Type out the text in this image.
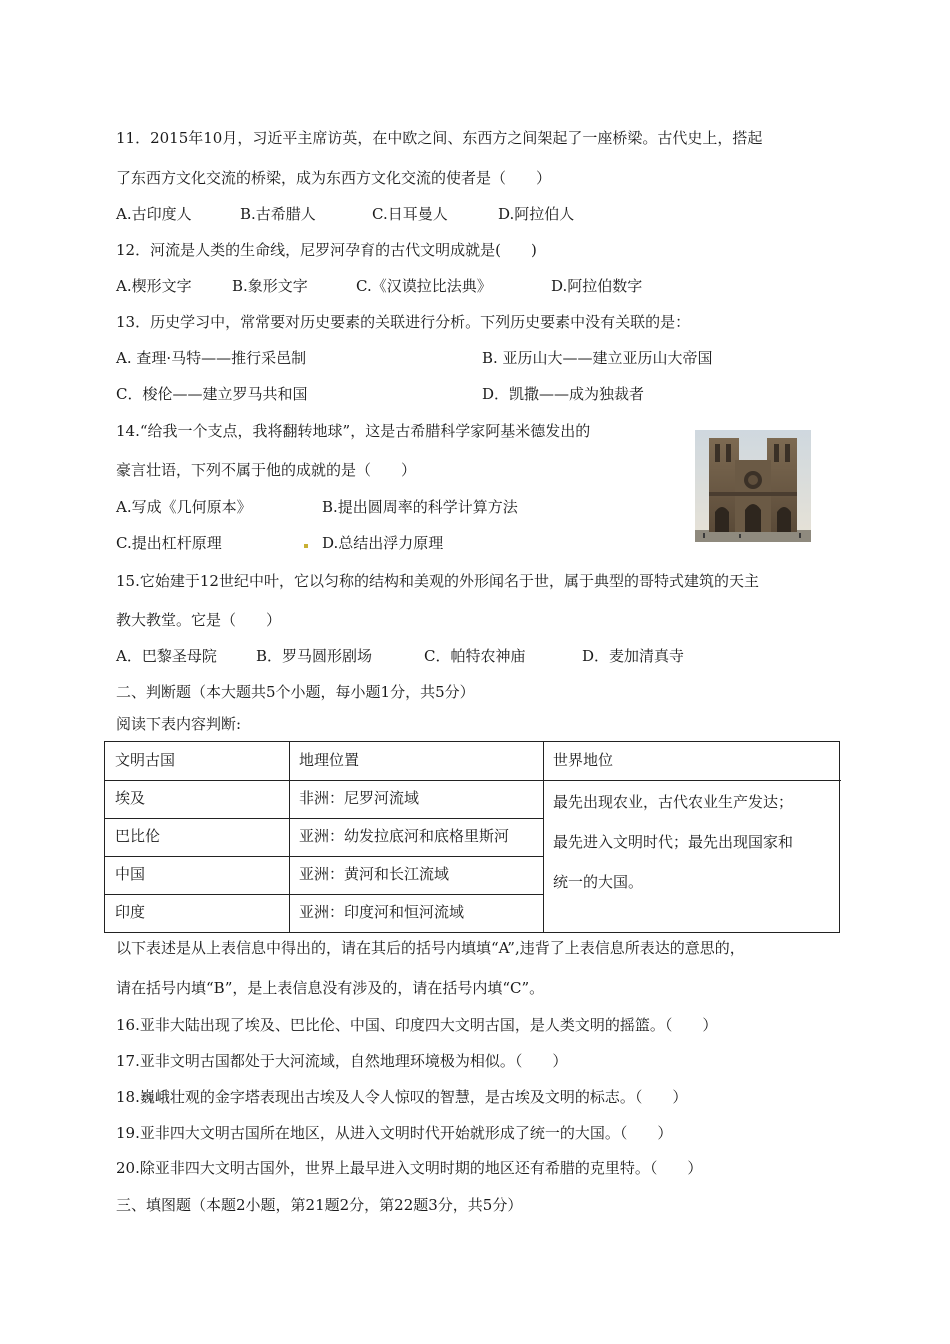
11．2015年10月，习近平主席访英，在中欧之间、东西方之间架起了一座桥梁。古代史上，搭起
了东西方文化交流的桥梁，成为东西方文化交流的使者是（　　）
A.古印度人	B.古希腊人	C.日耳曼人	D.阿拉伯人
12．河流是人类的生命线，尼罗河孕育的古代文明成就是(　　)
A.楔形文字	B.象形文字	C.《汉谟拉比法典》	D.阿拉伯数字
13．历史学习中，常常要对历史要素的关联进行分析。下列历史要素中没有关联的是：
A. 查理·马特——推行采邑制	B. 亚历山大——建立亚历山大帝国
C．梭伦——建立罗马共和国	D．凯撒——成为独裁者
14.“给我一个支点，我将翻转地球”，这是古希腊科学家阿基米德发出的
豪言壮语，下列不属于他的成就的是（　　）
A.写成《几何原本》	B.提出圆周率的科学计算方法
C.提出杠杆原理	D.总结出浮力原理
15.它始建于12世纪中叶，它以匀称的结构和美观的外形闻名于世，属于典型的哥特式建筑的天主
教大教堂。它是（　　）
A．巴黎圣母院	B．罗马圆形剧场	C．帕特农神庙	D．麦加清真寺
二、判断题（本大题共5个小题，每小题1分，共5分）
阅读下表内容判断:
文明古国	地理位置	世界地位
埃及	非洲：尼罗河流域
巴比伦	亚洲：幼发拉底河和底格里斯河
中国	亚洲：黄河和长江流域
印度	亚洲：印度河和恒河流域
最先出现农业，古代农业生产发达；
最先进入文明时代；最先出现国家和
统一的大国。
以下表述是从上表信息中得出的，请在其后的括号内填填“A”,违背了上表信息所表达的意思的，
请在括号内填“B”，是上表信息没有涉及的，请在括号内填“C”。
16.亚非大陆出现了埃及、巴比伦、中国、印度四大文明古国，是人类文明的摇篮。（　　）
17.亚非文明古国都处于大河流域，自然地理环境极为相似。（　　）
18.巍峨壮观的金字塔表现出古埃及人令人惊叹的智慧，是古埃及文明的标志。（　　）
19.亚非四大文明古国所在地区，从进入文明时代开始就形成了统一的大国。（　　）
20.除亚非四大文明古国外，世界上最早进入文明时期的地区还有希腊的克里特。（　　）
三、填图题（本题2小题，第21题2分，第22题3分，共5分）
